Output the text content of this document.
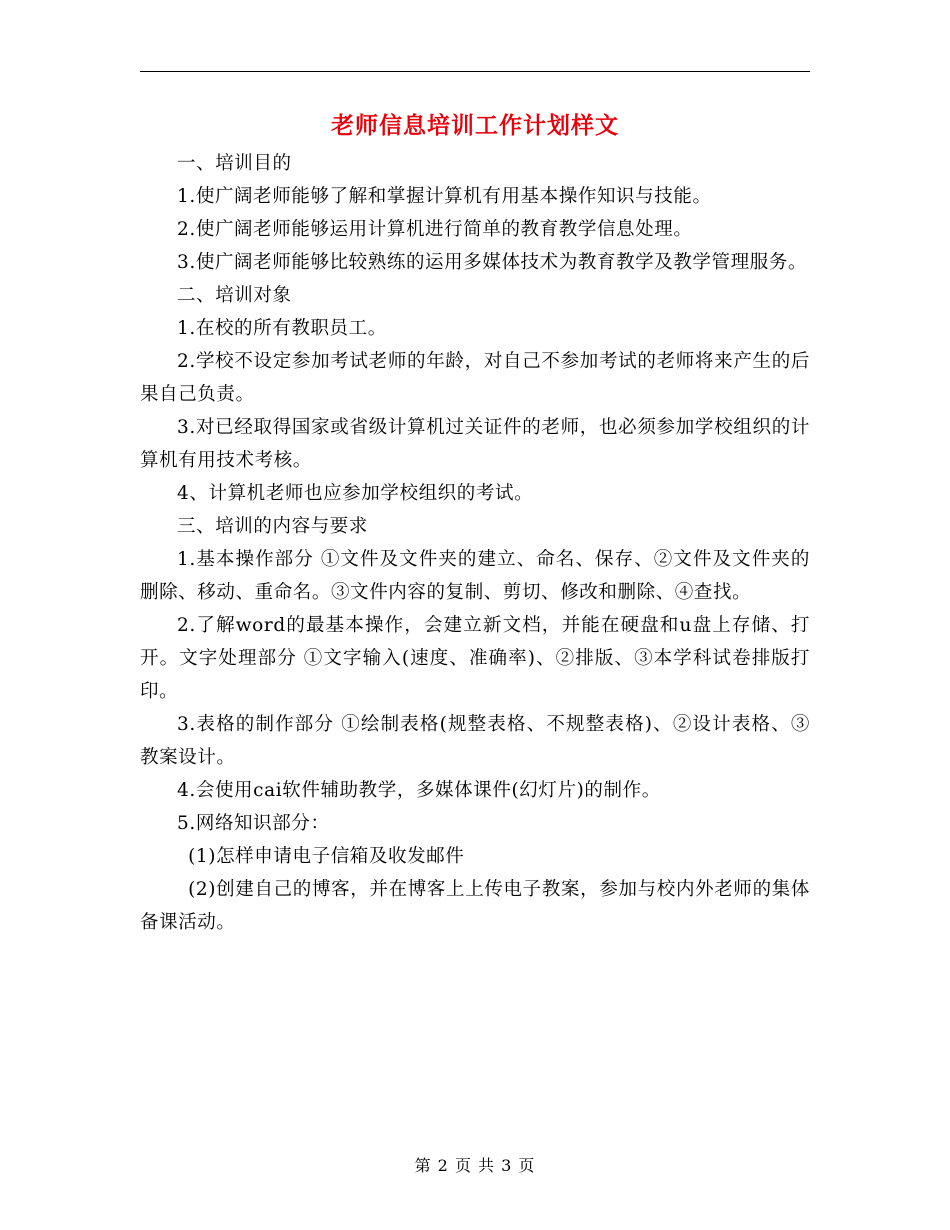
老师信息培训工作计划样文

一、培训目的

1.使广阔老师能够了解和掌握计算机有用基本操作知识与技能。

2.使广阔老师能够运用计算机进行简单的教育教学信息处理。

3.使广阔老师能够比较熟练的运用多媒体技术为教育教学及教学管理服务。

二、培训对象

1.在校的所有教职员工。

2.学校不设定参加考试老师的年龄，对自己不参加考试的老师将来产生的后果自己负责。

3.对已经取得国家或省级计算机过关证件的老师，也必须参加学校组织的计算机有用技术考核。

4、计算机老师也应参加学校组织的考试。

三、培训的内容与要求

1.基本操作部分 ①文件及文件夹的建立、命名、保存、②文件及文件夹的删除、移动、重命名。③文件内容的复制、剪切、修改和删除、④查找。

2.了解word的最基本操作，会建立新文档，并能在硬盘和u盘上存储、打开。文字处理部分 ①文字输入(速度、准确率)、②排版、③本学科试卷排版打印。

3.表格的制作部分 ①绘制表格(规整表格、不规整表格)、②设计表格、③教案设计。

4.会使用cai软件辅助教学，多媒体课件(幻灯片)的制作。

5.网络知识部分：

(1)怎样申请电子信箱及收发邮件

(2)创建自己的博客，并在博客上上传电子教案，参加与校内外老师的集体备课活动。

第 2 页 共 3 页
